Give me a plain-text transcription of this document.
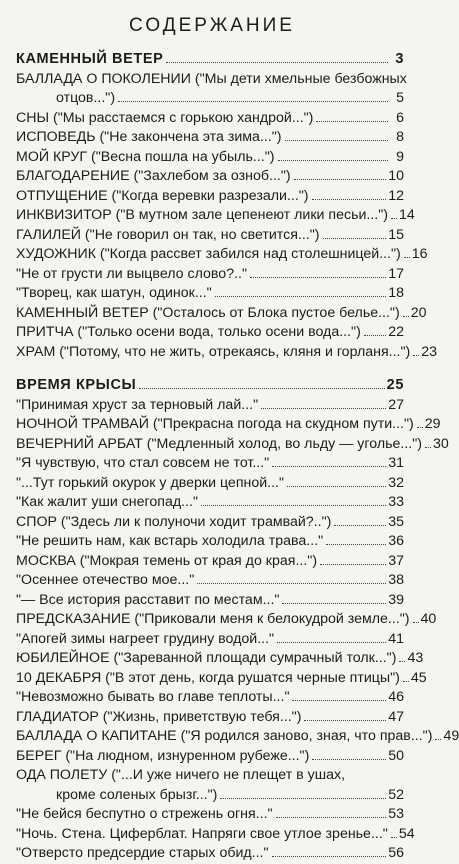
СОДЕРЖАНИЕ
КАМЕННЫЙ ВЕТЕР	3
БАЛЛАДА О ПОКОЛЕНИИ ("Мы дети хмельные безбожных
отцов...")	5
СНЫ ("Мы расстаемся с горькою хандрой...")	6
ИСПОВЕДЬ ("Не закончена эта зима...")	8
МОЙ КРУГ ("Весна пошла на убыль...")	9
БЛАГОДАРЕНИЕ ("Захлебом за озноб...")	10
ОТПУЩЕНИЕ ("Когда веревки разрезали...")	12
ИНКВИЗИТОР ("В мутном зале цепенеют лики песьи...") 14
ГАЛИЛЕЙ ("Не говорил он так, но светится...")	15
ХУДОЖНИК ("Когда рассвет забился над столешницей...") 16
"Не от грусти ли выцвело слово?.."	17
"Творец, как шатун, одинок..."	18
КАМЕННЫЙ ВЕТЕР ("Осталось от Блока пустое белье...") 20
ПРИТЧА ("Только осени вода, только осени вода...") 22
ХРАМ ("Потому, что не жить, отрекаясь, кляня и горланя...") 23
ВРЕМЯ КРЫСЫ	25
"Принимая хруст за терновый лай..."	27
НОЧНОЙ ТРАМВАЙ ("Прекрасна погода на скудном пути...") 29
ВЕЧЕРНИЙ АРБАТ ("Медленный холод, во льду — угольe...") 30
"Я чувствую, что стал совсем не тот..."	31
"...Тут горький окурок у дверки цепной..."	32
"Как жалит уши снегопад..."	33
СПОР ("Здесь ли к полуночи ходит трамвай?..")	35
"Не решить нам, как встарь холодила трава..."	36
МОСКВА ("Мокрая темень от края до края...")	37
"Осеннее отечество мое..."	38
"— Все история расставит по местам..."	39
ПРЕДСКАЗАНИЕ ("Приковали меня к белокудрой земле...") 40
"Апогей зимы нагреет грудину водой..."	41
ЮБИЛЕЙНОЕ ("Зареванной площади сумрачный толк...") 43
10 ДЕКАБРЯ ("В этот день, когда рушатся черные птицы") 45
"Невозможно бывать во главе теплоты..."	46
ГЛАДИАТОР ("Жизнь, приветствую тебя...")	47
БАЛЛАДА О КАПИТАНЕ ("Я родился заново, зная, что прав...") 49
БЕРЕГ ("На людном, изнуренном рубеже...")	50
ОДА ПОЛЕТУ ("...И уже ничего не плещет в ушах,
кроме соленых брызг...")	52
"Не бейся беспутно о стрежень огня..."	53
"Ночь. Стена. Циферблат. Напряги свое утлое зренье..." 54
"Отверсто предсердие старых обид..."	56
